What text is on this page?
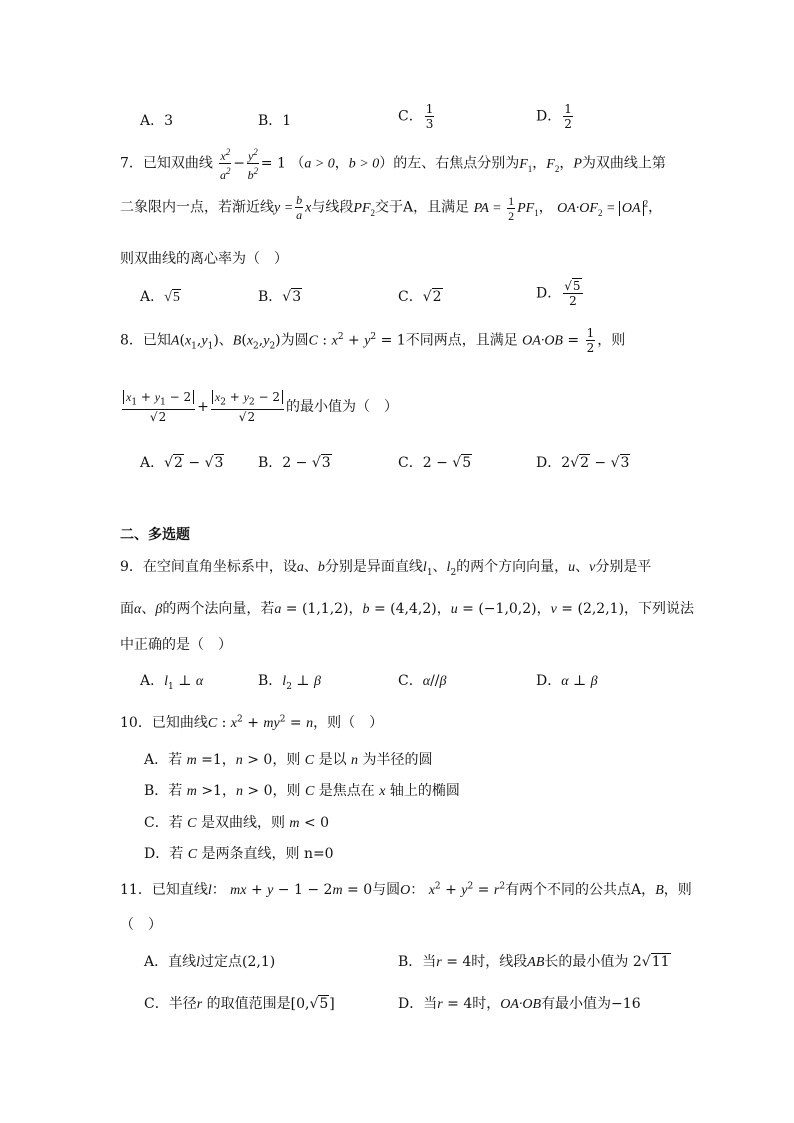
A．3	B．1	C． $\frac{1}{3}$	D． $\frac{1}{2}$
7．已知双曲线 $\frac{x^2}{a^2} - \frac{y^2}{b^2} = 1$ （a > 0，b > 0）的左、右焦点分别为$F_1$，$F_2$，P为双曲线上第
二象限内一点，若渐近线$y = \frac{b}{a}$ x与线段$PF_2$交于A，且满足 PA = $\frac{1}{2} PF_1$， $OA\cdot OF_2$ = OA $^2$，
则双曲线的离心率为（　）
A．√5	B．√3	C．√2	D． $\frac{√5}{2}$
8．已知$A(x_1,y_1)$、$B(x_2,y_2)$为圆C : $x^2 + y^2 = 1$不同两点，且满足 $OA\cdot OB = \frac{1}{2}$ ，则
$\frac{x_1 + y_1 - 2}{√2} + \frac{x_2 + y_2 - 2}{√2}$ 的最小值为（　）
A．√2 − √3 B．2 − √3	C．2 − √5	D．2√2 − √3
二、多选题
9．在空间直角坐标系中，设a、b分别是异面直线$l_1$、$l_2$的两个方向向量，u、v分别是平
面α、β的两个法向量，若a = (1,1,2)，b = (4,4,2)，u = (−1,0,2)，v = (2,2,1)，下列说法
中正确的是（　）
A．$l_1$ ⊥ α	B．$l_2$ ⊥ β	C．α//β	D．α ⊥ β
10．已知曲线C : $x^2 + my^2 = n$，则（　）
A．若 m =1，n > 0，则 C 是以 n 为半径的圆
B．若 m >1，n > 0，则 C 是焦点在 x 轴上的椭圆
C．若 C 是双曲线，则 m < 0
D．若 C 是两条直线，则 n=0
11．已知直线l： mx + y − 1 − 2m = 0与圆O： $x^2 + y^2 = r^2$有两个不同的公共点A，B，则
（　）
A．直线l过定点(2,1)	B．当r = 4时，线段AB长的最小值为 2√11
C．半径r 的取值范围是[0,√5]	D．当r = 4时，OA·OB有最小值为−16
